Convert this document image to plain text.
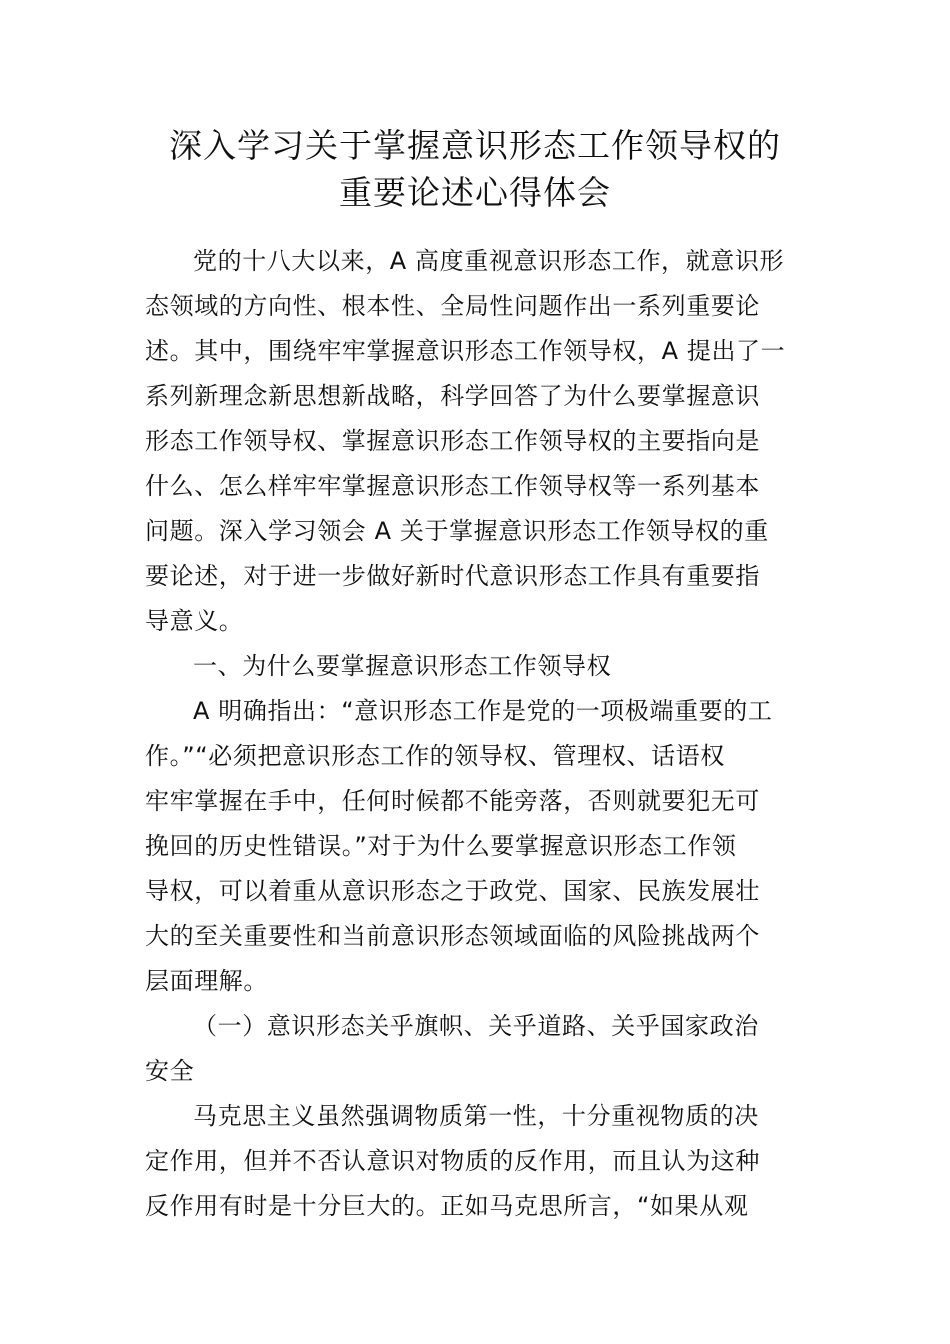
深入学习关于掌握意识形态工作领导权的
重要论述心得体会
党的十八大以来，A 高度重视意识形态工作，就意识形
态领域的方向性、根本性、全局性问题作出一系列重要论
述。其中，围绕牢牢掌握意识形态工作领导权，A 提出了一
系列新理念新思想新战略，科学回答了为什么要掌握意识
形态工作领导权、掌握意识形态工作领导权的主要指向是
什么、怎么样牢牢掌握意识形态工作领导权等一系列基本
问题。深入学习领会 A 关于掌握意识形态工作领导权的重
要论述，对于进一步做好新时代意识形态工作具有重要指
导意义。
一、为什么要掌握意识形态工作领导权
A 明确指出：“意识形态工作是党的一项极端重要的工
作。”“必须把意识形态工作的领导权、管理权、话语权
牢牢掌握在手中，任何时候都不能旁落，否则就要犯无可
挽回的历史性错误。”对于为什么要掌握意识形态工作领
导权，可以着重从意识形态之于政党、国家、民族发展壮
大的至关重要性和当前意识形态领域面临的风险挑战两个
层面理解。
（一）意识形态关乎旗帜、关乎道路、关乎国家政治
安全
马克思主义虽然强调物质第一性，十分重视物质的决
定作用，但并不否认意识对物质的反作用，而且认为这种
反作用有时是十分巨大的。正如马克思所言，“如果从观
